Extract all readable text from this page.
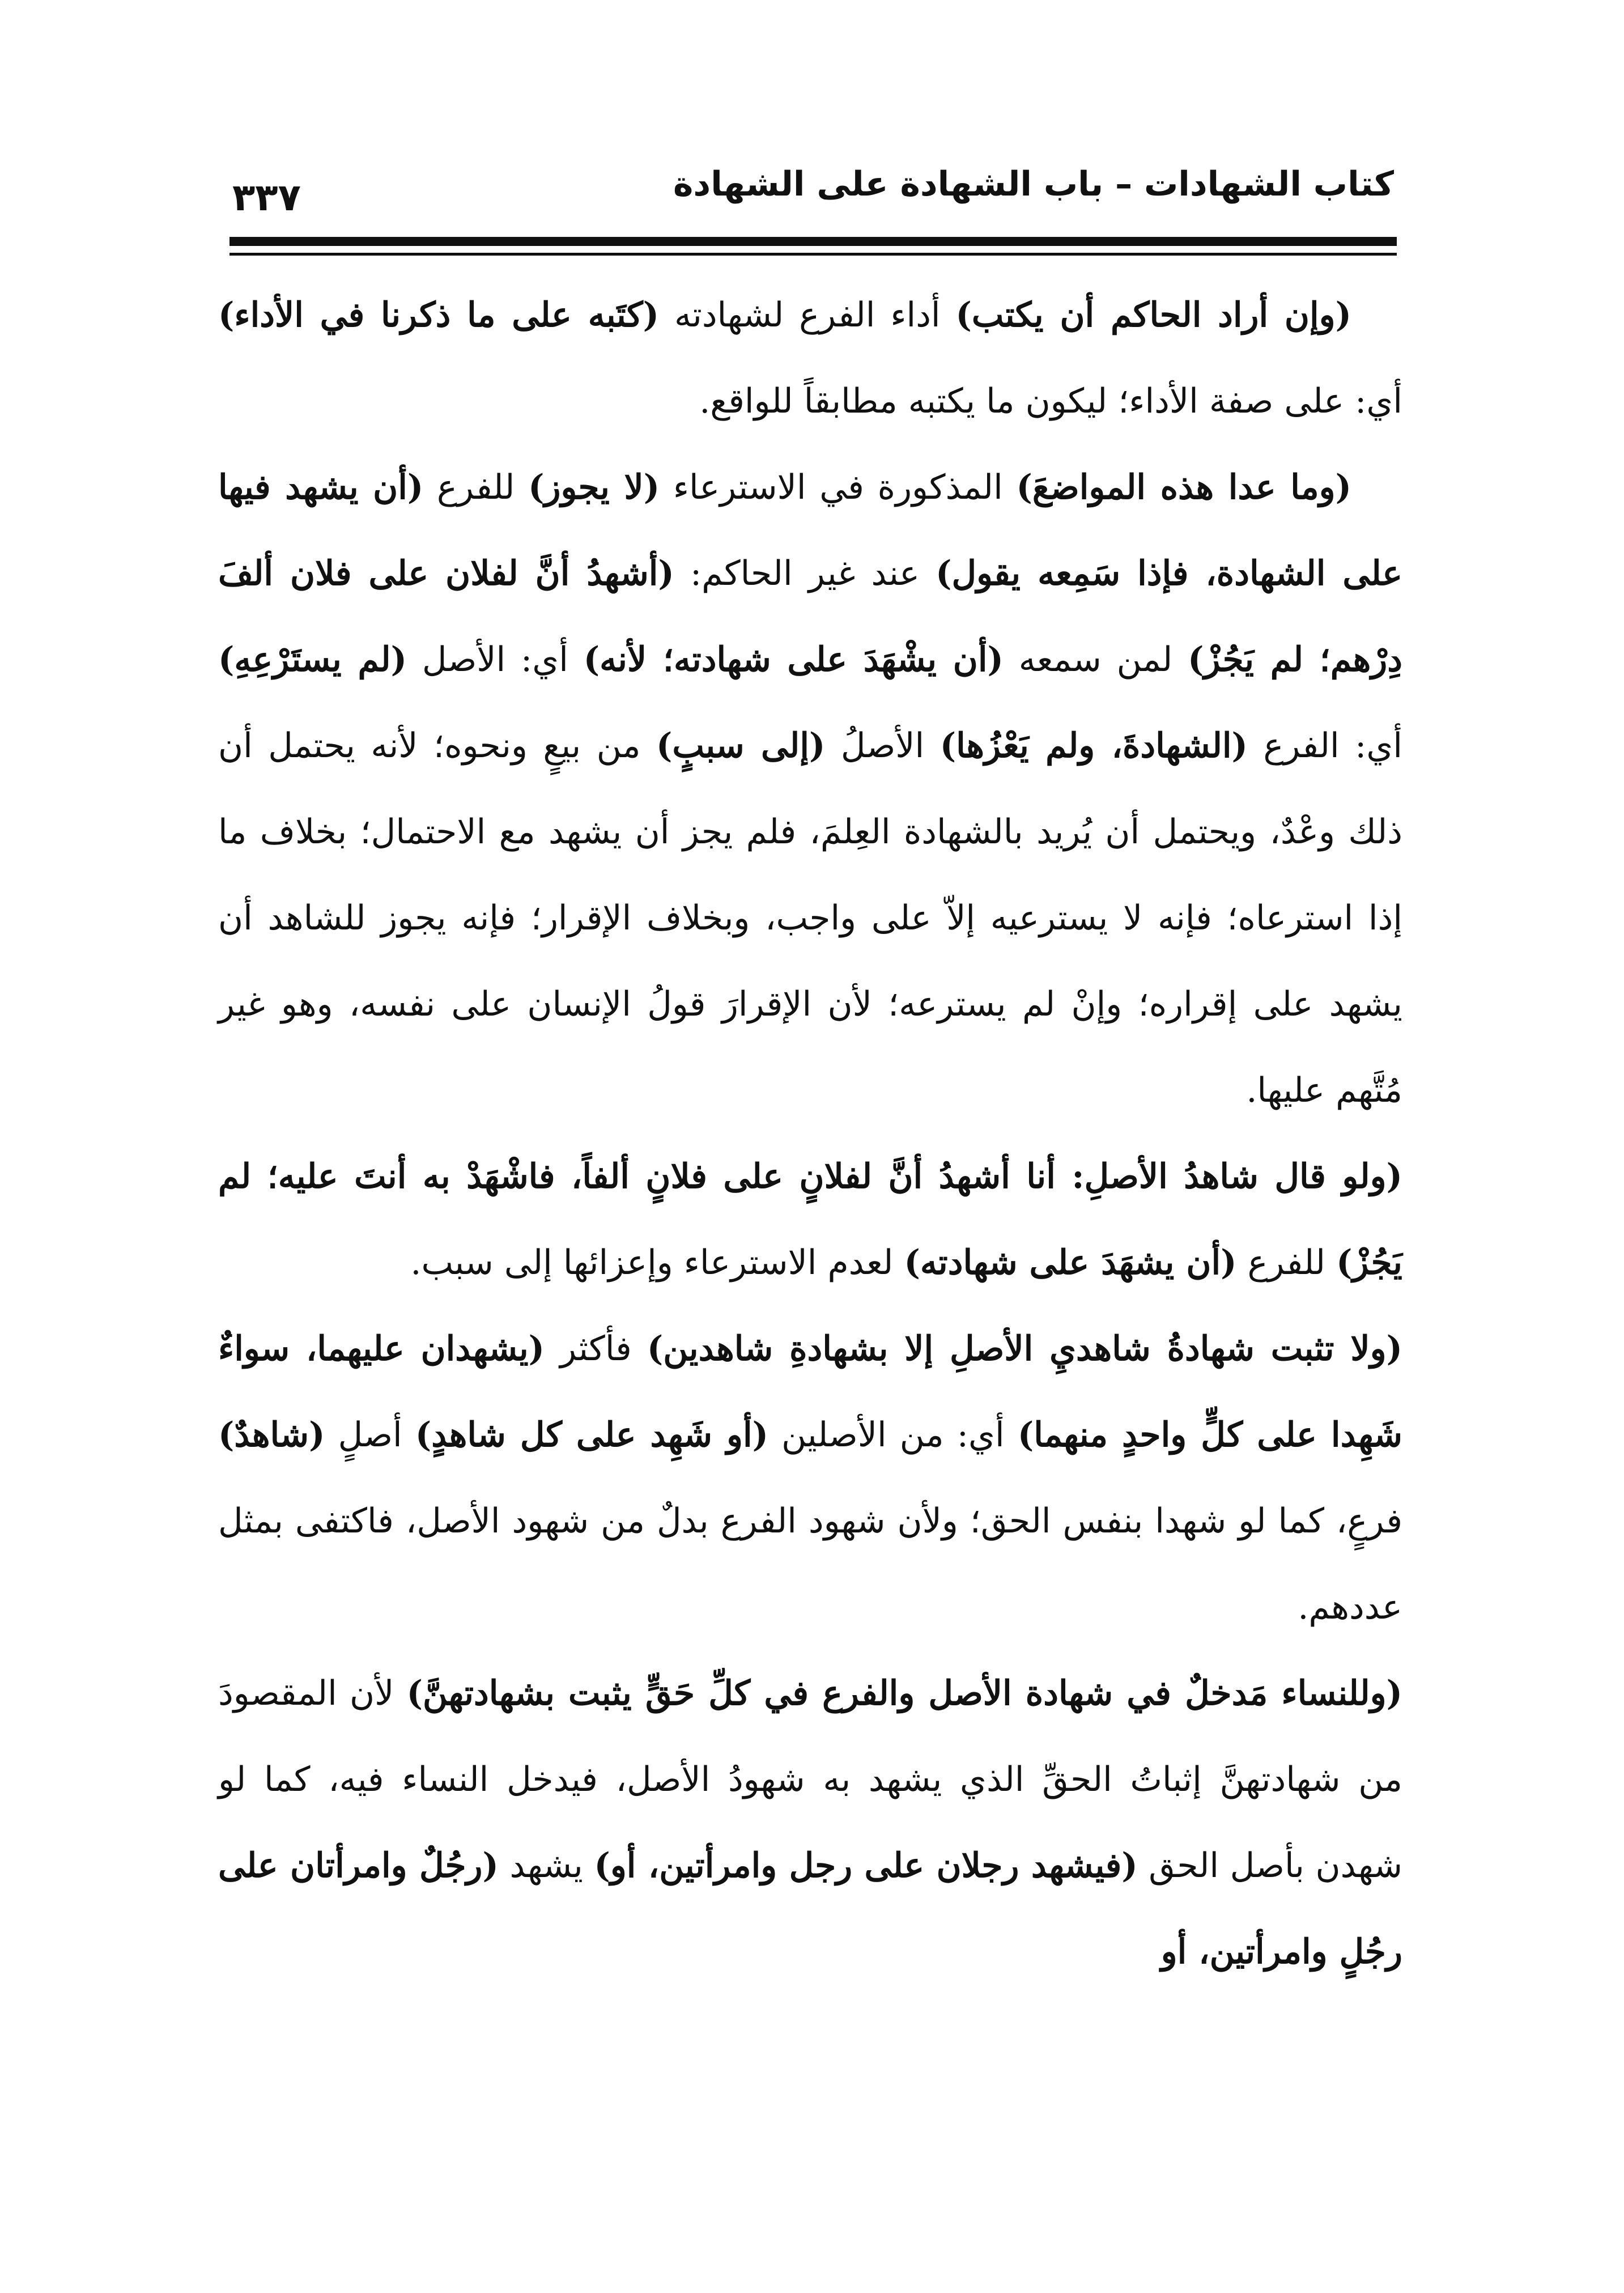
٣٣٧	كتاب الشهادات – باب الشهادة على الشهادة

(وإن أراد الحاكم أن يكتب) أداء الفرع لشهادته (كتَبه على ما ذكرنا في الأداء) أي: على صفة الأداء؛ ليكون ما يكتبه مطابقاً للواقع.

(وما عدا هذه المواضعَ) المذكورة في الاسترعاء (لا يجوز) للفرع (أن يشهد فيها على الشهادة، فإذا سَمِعه يقول) عند غير الحاكم: (أشهدُ أنَّ لفلان على فلان ألفَ دِرْهم؛ لم يَجُزْ) لمن سمعه (أن يشْهَدَ على شهادته؛ لأنه) أي: الأصل (لم يستَرْعِهِ) أي: الفرع (الشهادةَ، ولم يَعْزُها) الأصلُ (إلى سببٍ) من بيعٍ ونحوه؛ لأنه يحتمل أن ذلك وعْدٌ، ويحتمل أن يُريد بالشهادة العِلمَ، فلم يجز أن يشهد مع الاحتمال؛ بخلاف ما إذا استرعاه؛ فإنه لا يسترعيه إلاّ على واجب، وبخلاف الإقرار؛ فإنه يجوز للشاهد أن يشهد على إقراره؛ وإنْ لم يسترعه؛ لأن الإقرارَ قولُ الإنسان على نفسه، وهو غير مُتَّهم عليها.

(ولو قال شاهدُ الأصلِ: أنا أشهدُ أنَّ لفلانٍ على فلانٍ ألفاً، فاشْهَدْ به أنتَ عليه؛ لم يَجُزْ) للفرع (أن يشهَدَ على شهادته) لعدم الاسترعاء وإعزائها إلى سبب.

(ولا تثبت شهادةُ شاهديِ الأصلِ إلا بشهادةِ شاهدين) فأكثر (يشهدان عليهما، سواءٌ شَهِدا على كلٍّ واحدٍ منهما) أي: من الأصلين (أو شَهِد على كل شاهدٍ) أصلٍ (شاهدٌ) فرعٍ، كما لو شهدا بنفس الحق؛ ولأن شهود الفرع بدلٌ من شهود الأصل، فاكتفى بمثل عددهم.

(وللنساء مَدخلٌ في شهادة الأصل والفرع في كلِّ حَقٍّ يثبت بشهادتهنَّ) لأن المقصودَ من شهادتهنَّ إثباتُ الحقِّ الذي يشهد به شهودُ الأصل، فيدخل النساء فيه، كما لو شهدن بأصل الحق (فيشهد رجلان على رجل وامرأتين، أو) يشهد (رجُلٌ وامرأتان على رجُلٍ وامرأتين، أو
